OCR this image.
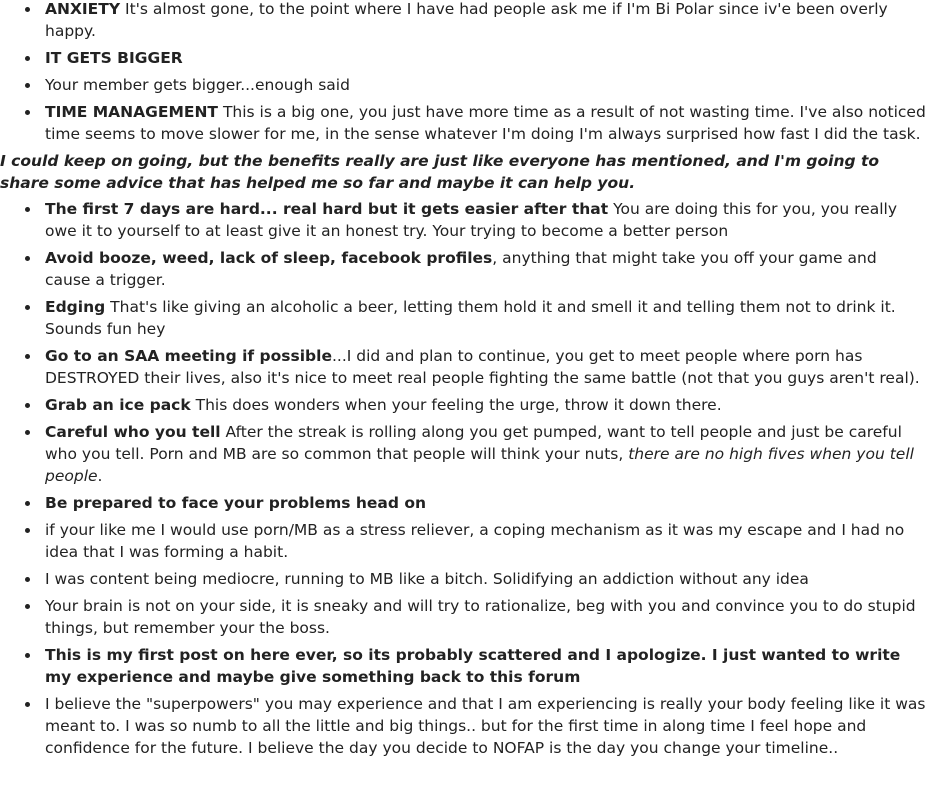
ANXIETY It's almost gone, to the point where I have had people ask me if I'm Bi Polar since iv'e been overly happy.
IT GETS BIGGER
Your member gets bigger...enough said
TIME MANAGEMENT This is a big one, you just have more time as a result of not wasting time. I've also noticed time seems to move slower for me, in the sense whatever I'm doing I'm always surprised how fast I did the task.

I could keep on going, but the benefits really are just like everyone has mentioned, and I'm going to share some advice that has helped me so far and maybe it can help you.

The first 7 days are hard... real hard but it gets easier after that You are doing this for you, you really owe it to yourself to at least give it an honest try. Your trying to become a better person
Avoid booze, weed, lack of sleep, facebook profiles, anything that might take you off your game and cause a trigger.
Edging That's like giving an alcoholic a beer, letting them hold it and smell it and telling them not to drink it. Sounds fun hey
Go to an SAA meeting if possible...I did and plan to continue, you get to meet people where porn has DESTROYED their lives, also it's nice to meet real people fighting the same battle (not that you guys aren't real).
Grab an ice pack This does wonders when your feeling the urge, throw it down there.
Careful who you tell After the streak is rolling along you get pumped, want to tell people and just be careful who you tell. Porn and MB are so common that people will think your nuts, there are no high fives when you tell people.
Be prepared to face your problems head on
if your like me I would use porn/MB as a stress reliever, a coping mechanism as it was my escape and I had no idea that I was forming a habit.
I was content being mediocre, running to MB like a bitch. Solidifying an addiction without any idea
Your brain is not on your side, it is sneaky and will try to rationalize, beg with you and convince you to do stupid things, but remember your the boss.
This is my first post on here ever, so its probably scattered and I apologize. I just wanted to write my experience and maybe give something back to this forum
I believe the "superpowers" you may experience and that I am experiencing is really your body feeling like it was meant to. I was so numb to all the little and big things.. but for the first time in along time I feel hope and confidence for the future. I believe the day you decide to NOFAP is the day you change your timeline..
